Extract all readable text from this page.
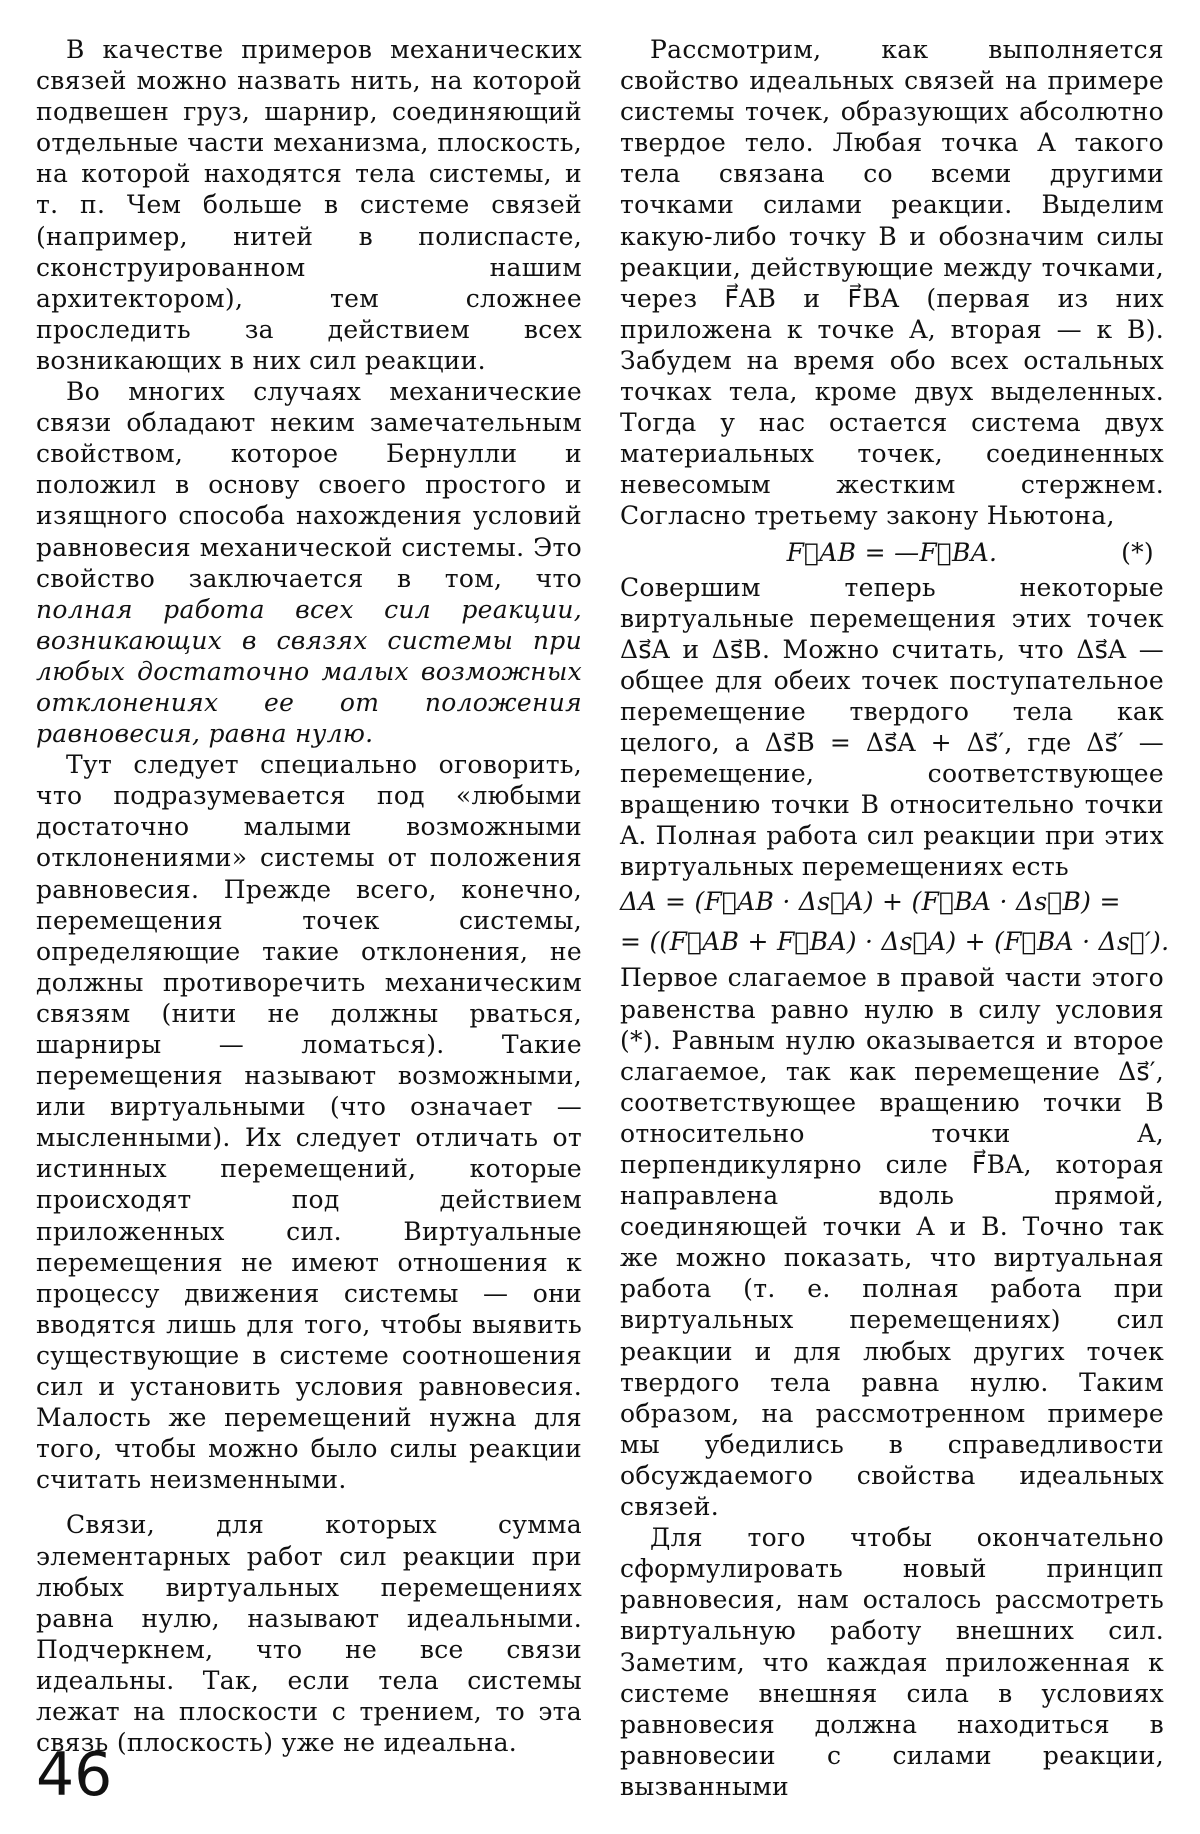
В качестве примеров механических связей можно назвать нить, на которой подвешен груз, шарнир, соединяющий отдельные части механизма, плоскость, на которой находятся тела системы, и т. п. Чем больше в системе связей (например, нитей в полиспасте, сконструированном нашим архитектором), тем сложнее проследить за действием всех возникающих в них сил реакции.

Во многих случаях механические связи обладают неким замечательным свойством, которое Бернулли и положил в основу своего простого и изящного способа нахождения условий равновесия механической системы. Это свойство заключается в том, что полная работа всех сил реакции, возникающих в связях системы при любых достаточно малых возможных отклонениях ее от положения равновесия, равна нулю.

Тут следует специально оговорить, что подразумевается под «любыми достаточно малыми возможными отклонениями» системы от положения равновесия. Прежде всего, конечно, перемещения точек системы, определяющие такие отклонения, не должны противоречить механическим связям (нити не должны рваться, шарниры — ломаться). Такие перемещения называют возможными, или виртуальными (что означает — мысленными). Их следует отличать от истинных перемещений, которые происходят под действием приложенных сил. Виртуальные перемещения не имеют отношения к процессу движения системы — они вводятся лишь для того, чтобы выявить существующие в системе соотношения сил и установить условия равновесия. Малость же перемещений нужна для того, чтобы можно было силы реакции считать неизменными.

Связи, для которых сумма элементарных работ сил реакции при любых виртуальных перемещениях равна нулю, называют идеальными. Подчеркнем, что не все связи идеальны. Так, если тела системы лежат на плоскости с трением, то эта связь (плоскость) уже не идеальна.

Рассмотрим, как выполняется свойство идеальных связей на примере системы точек, образующих абсолютно твердое тело. Любая точка A такого тела связана со всеми другими точками силами реакции. Выделим какую-либо точку B и обозначим силы реакции, действующие между точками, через F⃗AB и F⃗BA (первая из них приложена к точке A, вторая — к B). Забудем на время обо всех остальных точках тела, кроме двух выделенных. Тогда у нас остается система двух материальных точек, соединенных невесомым жестким стержнем. Согласно третьему закону Ньютона,

F⃗AB = —F⃗BA.	(*)

Совершим теперь некоторые виртуальные перемещения этих точек Δs⃗A и Δs⃗B. Можно считать, что Δs⃗A — общее для обеих точек поступательное перемещение твердого тела как целого, а Δs⃗B = Δs⃗A + Δs⃗′, где Δs⃗′ — перемещение, соответствующее вращению точки B относительно точки A. Полная работа сил реакции при этих виртуальных перемещениях есть

ΔA = (F⃗AB · Δs⃗A) + (F⃗BA · Δs⃗B) =
= ((F⃗AB + F⃗BA) · Δs⃗A) + (F⃗BA · Δs⃗′).

Первое слагаемое в правой части этого равенства равно нулю в силу условия (*). Равным нулю оказывается и второе слагаемое, так как перемещение Δs⃗′, соответствующее вращению точки B относительно точки A, перпендикулярно силе F⃗BA, которая направлена вдоль прямой, соединяющей точки A и B. Точно так же можно показать, что виртуальная работа (т. е. полная работа при виртуальных перемещениях) сил реакции и для любых других точек твердого тела равна нулю. Таким образом, на рассмотренном примере мы убедились в справедливости обсуждаемого свойства идеальных связей.

Для того чтобы окончательно сформулировать новый принцип равновесия, нам осталось рассмотреть виртуальную работу внешних сил. Заметим, что каждая приложенная к системе внешняя сила в условиях равновесия должна находиться в равновесии с силами реакции, вызванными

46
